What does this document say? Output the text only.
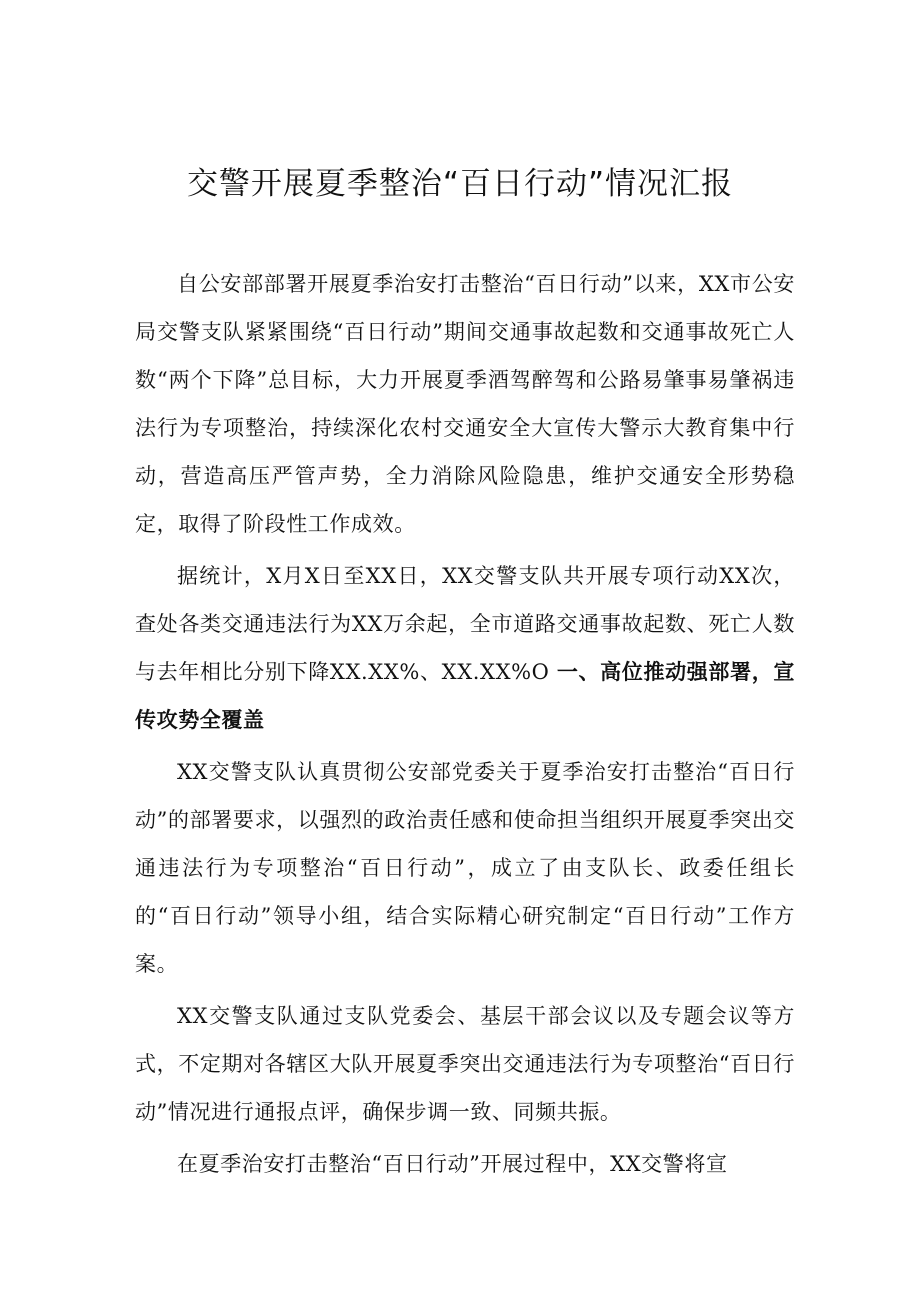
交警开展夏季整治“百日行动”情况汇报

自公安部部署开展夏季治安打击整治“百日行动”以来，XX市公安局交警支队紧紧围绕“百日行动”期间交通事故起数和交通事故死亡人数“两个下降”总目标，大力开展夏季酒驾醉驾和公路易肇事易肇祸违法行为专项整治，持续深化农村交通安全大宣传大警示大教育集中行动，营造高压严管声势，全力消除风险隐患，维护交通安全形势稳定，取得了阶段性工作成效。

据统计，X月X日至XX日，XX交警支队共开展专项行动XX次，查处各类交通违法行为XX万余起，全市道路交通事故起数、死亡人数与去年相比分别下降XX.XX%、XX.XX%O 一、高位推动强部署，宣传攻势全覆盖

XX交警支队认真贯彻公安部党委关于夏季治安打击整治“百日行动”的部署要求，以强烈的政治责任感和使命担当组织开展夏季突出交通违法行为专项整治“百日行动”，成立了由支队长、政委任组长的“百日行动”领导小组，结合实际精心研究制定“百日行动”工作方案。

XX交警支队通过支队党委会、基层干部会议以及专题会议等方式，不定期对各辖区大队开展夏季突出交通违法行为专项整治“百日行动”情况进行通报点评，确保步调一致、同频共振。

在夏季治安打击整治“百日行动”开展过程中，XX交警将宣
